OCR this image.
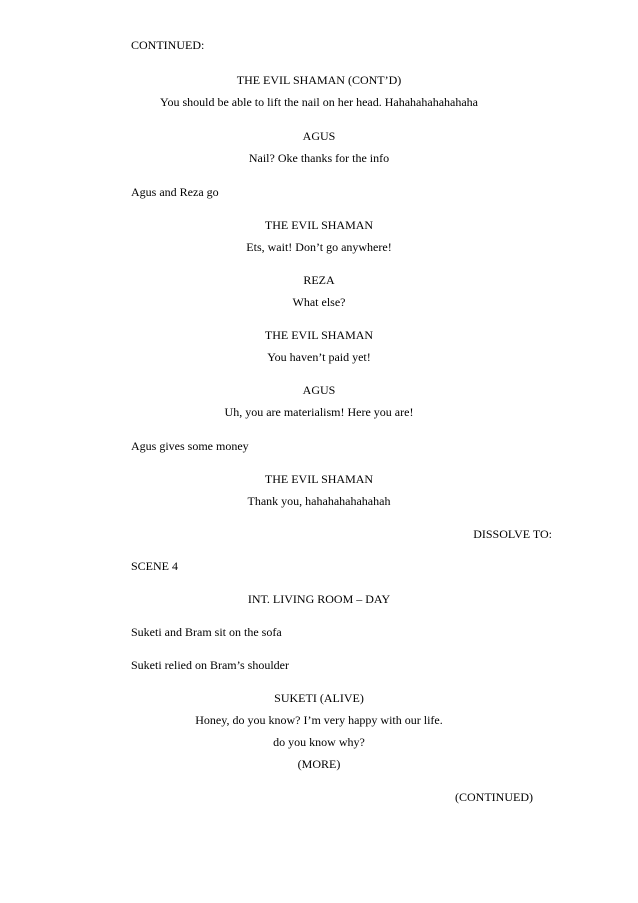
CONTINUED:
THE EVIL SHAMAN (CONT’D)
You should be able to lift the nail on her head. Hahahahahahahaha
AGUS
Nail? Oke thanks for the info
Agus and Reza go
THE EVIL SHAMAN
Ets, wait! Don’t go anywhere!
REZA
What else?
THE EVIL SHAMAN
You haven’t paid yet!
AGUS
Uh, you are materialism! Here you are!
Agus gives some money
THE EVIL SHAMAN
Thank you, hahahahahahahah
DISSOLVE TO:
SCENE 4
INT. LIVING ROOM – DAY
Suketi and Bram sit on the sofa
Suketi relied on Bram’s shoulder
SUKETI (ALIVE)
Honey, do you know? I’m very happy with our life.
do you know why?
(MORE)
(CONTINUED)
